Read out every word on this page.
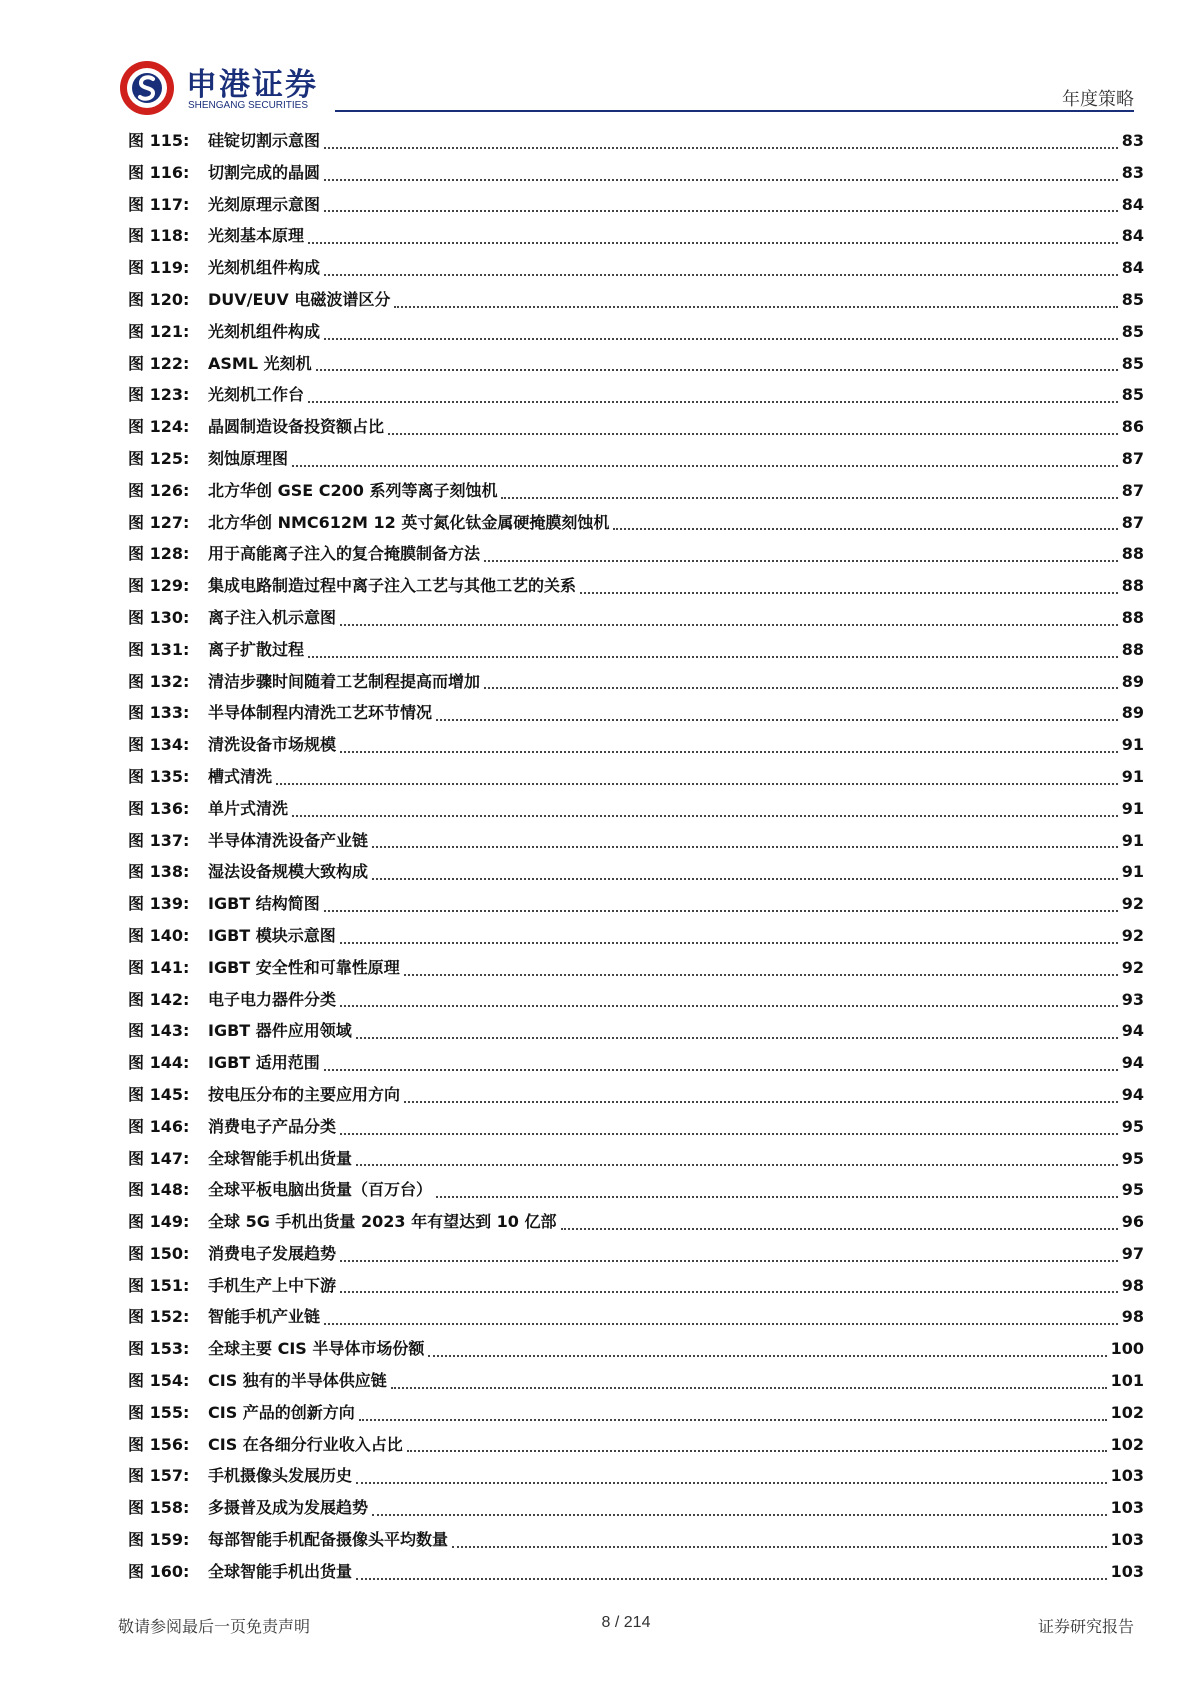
申港证券
SHENGANG SECURITIES	年度策略
图 115:	硅锭切割示意图	83
图 116:	切割完成的晶圆	83
图 117:	光刻原理示意图	84
图 118:	光刻基本原理	84
图 119:	光刻机组件构成	84
图 120:	DUV/EUV 电磁波谱区分	85
图 121:	光刻机组件构成	85
图 122:	ASML 光刻机	85
图 123:	光刻机工作台	85
图 124:	晶圆制造设备投资额占比	86
图 125:	刻蚀原理图	87
图 126:	北方华创 GSE C200 系列等离子刻蚀机	87
图 127:	北方华创 NMC612M 12 英寸氮化钛金属硬掩膜刻蚀机	87
图 128:	用于高能离子注入的复合掩膜制备方法	88
图 129:	集成电路制造过程中离子注入工艺与其他工艺的关系	88
图 130:	离子注入机示意图	88
图 131:	离子扩散过程	88
图 132:	清洁步骤时间随着工艺制程提高而增加	89
图 133:	半导体制程内清洗工艺环节情况	89
图 134:	清洗设备市场规模	91
图 135:	槽式清洗	91
图 136:	单片式清洗	91
图 137:	半导体清洗设备产业链	91
图 138:	湿法设备规模大致构成	91
图 139:	IGBT 结构简图	92
图 140:	IGBT 模块示意图	92
图 141:	IGBT 安全性和可靠性原理	92
图 142:	电子电力器件分类	93
图 143:	IGBT 器件应用领域	94
图 144:	IGBT 适用范围	94
图 145:	按电压分布的主要应用方向	94
图 146:	消费电子产品分类	95
图 147:	全球智能手机出货量	95
图 148:	全球平板电脑出货量（百万台）	95
图 149:	全球 5G 手机出货量 2023 年有望达到 10 亿部	96
图 150:	消费电子发展趋势	97
图 151:	手机生产上中下游	98
图 152:	智能手机产业链	98
图 153:	全球主要 CIS 半导体市场份额	100
图 154:	CIS 独有的半导体供应链	101
图 155:	CIS 产品的创新方向	102
图 156:	CIS 在各细分行业收入占比	102
图 157:	手机摄像头发展历史	103
图 158:	多摄普及成为发展趋势	103
图 159:	每部智能手机配备摄像头平均数量	103
图 160:	全球智能手机出货量	103
敬请参阅最后一页免责声明	8 / 214	证券研究报告
